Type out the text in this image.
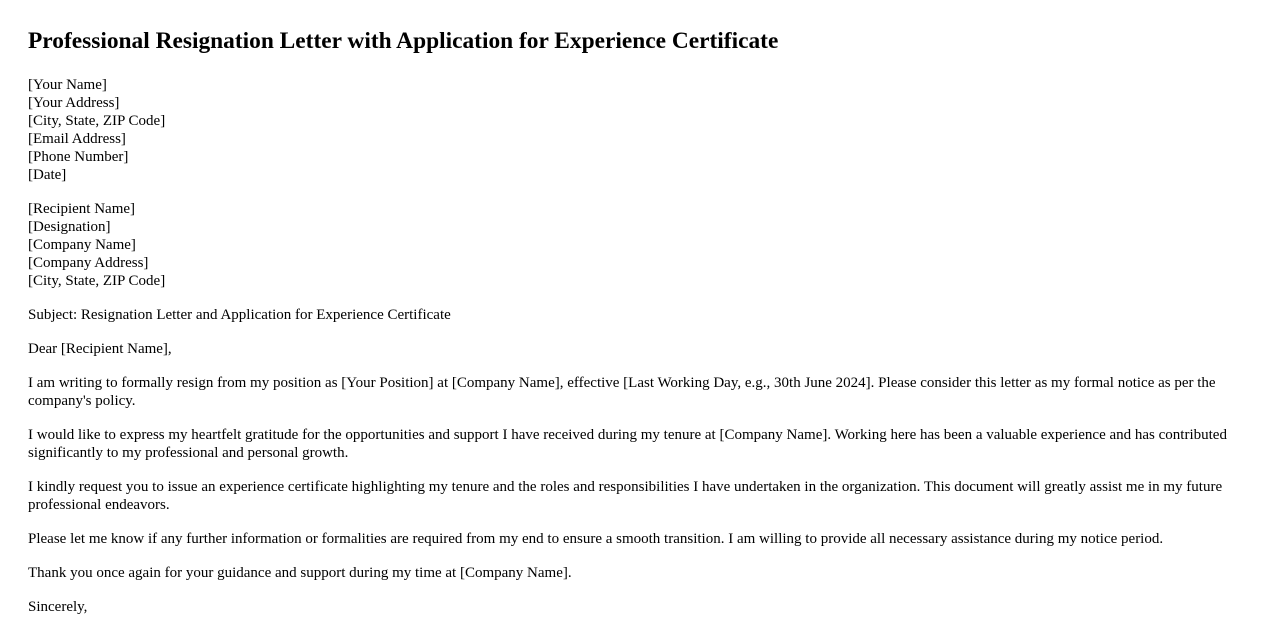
Professional Resignation Letter with Application for Experience Certificate
[Your Name]
[Your Address]
[City, State, ZIP Code]
[Email Address]
[Phone Number]
[Date]
[Recipient Name]
[Designation]
[Company Name]
[Company Address]
[City, State, ZIP Code]

Subject: Resignation Letter and Application for Experience Certificate

Dear [Recipient Name],

I am writing to formally resign from my position as [Your Position] at [Company Name], effective [Last Working Day, e.g., 30th June 2024]. Please consider this letter as my formal notice as per the company's policy.

I would like to express my heartfelt gratitude for the opportunities and support I have received during my tenure at [Company Name]. Working here has been a valuable experience and has contributed significantly to my professional and personal growth.

I kindly request you to issue an experience certificate highlighting my tenure and the roles and responsibilities I have undertaken in the organization. This document will greatly assist me in my future professional endeavors.

Please let me know if any further information or formalities are required from my end to ensure a smooth transition. I am willing to provide all necessary assistance during my notice period.

Thank you once again for your guidance and support during my time at [Company Name].

Sincerely,
